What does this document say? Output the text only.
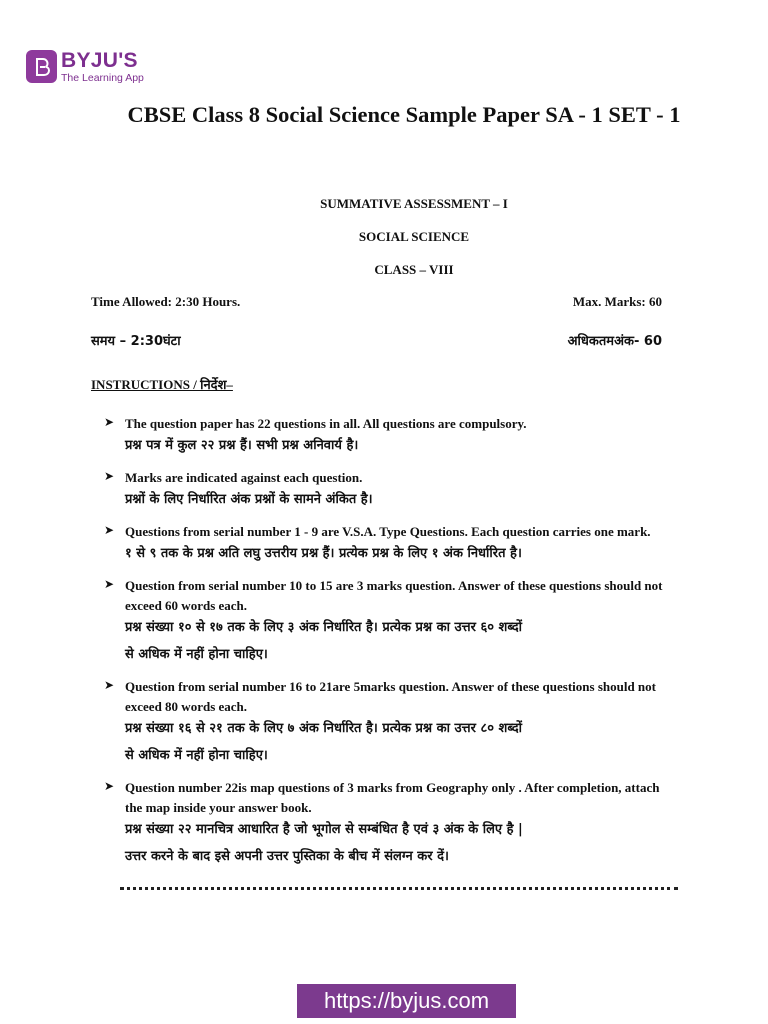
BYJU'S
The Learning App
CBSE Class 8 Social Science Sample Paper SA - 1 SET - 1
SUMMATIVE ASSESSMENT – I
SOCIAL SCIENCE
CLASS – VIII
Time Allowed: 2:30 Hours.	Max. Marks: 60
समय – 2:30घंटा	अधिकतमअंक- 60
INSTRUCTIONS / निर्देश–
➤ The question paper has 22 questions in all. All questions are compulsory.
प्रश्न पत्र में कुल २२ प्रश्न हैं। सभी प्रश्न अनिवार्य है।
➤ Marks are indicated against each question.
प्रश्नों के लिए निर्धारित अंक प्रश्नों के सामने अंकित है।
➤ Questions from serial number 1 - 9 are V.S.A. Type Questions. Each question carries one mark.
१ से ९ तक के प्रश्न अति लघु उत्तरीय प्रश्न हैं। प्रत्येक प्रश्न के लिए १ अंक निर्धारित है।
➤ Question from serial number 10 to 15 are 3 marks question. Answer of these questions should not exceed 60 words each.
प्रश्न संख्या १० से १७ तक के लिए ३ अंक निर्धारित है। प्रत्येक प्रश्न का उत्तर ६० शब्दों
से अधिक में नहीं होना चाहिए।
➤ Question from serial number 16 to 21are 5marks question. Answer of these questions should not exceed 80 words each.
प्रश्न संख्या १६ से २१ तक के लिए ७ अंक निर्धारित है। प्रत्येक प्रश्न का उत्तर ८० शब्दों
से अधिक में नहीं होना चाहिए।
➤ Question number 22is map questions of 3 marks from Geography only . After completion, attach the map inside your answer book.
प्रश्न संख्या २२ मानचित्र आधारित है जो भूगोल से सम्बंधित है एवं ३ अंक के लिए है |
उत्तर करने के बाद इसे अपनी उत्तर पुस्तिका के बीच में संलग्न कर दें।
https://byjus.com
